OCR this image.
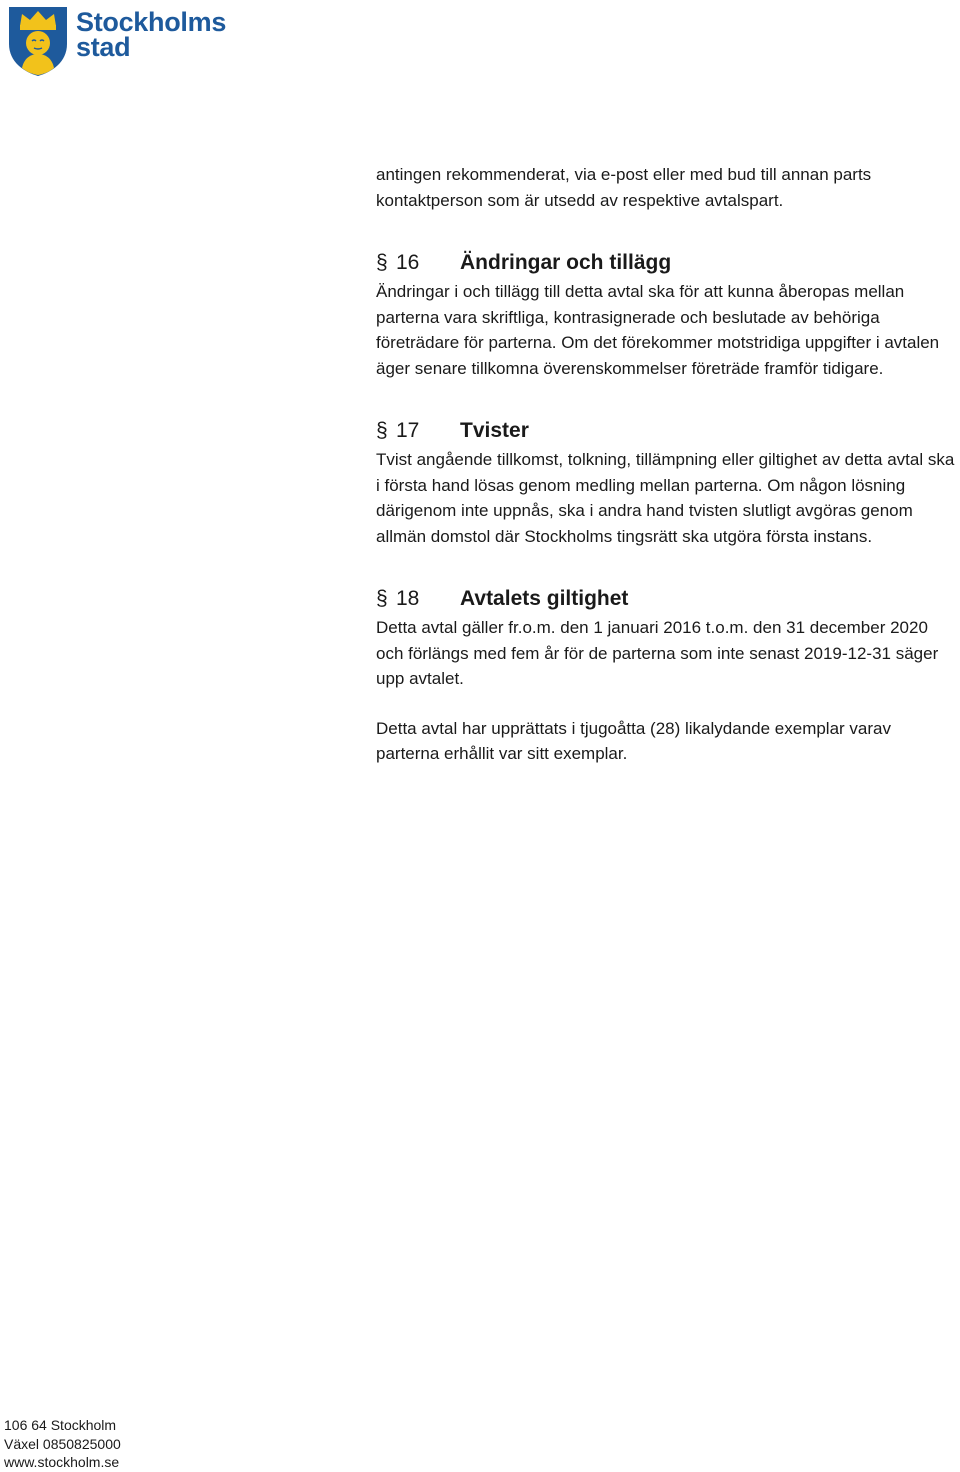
Stockholms
stad

antingen rekommenderat, via e-post eller med bud till annan parts kontaktperson som är utsedd av respektive avtalspart.

§ 16	Ändringar och tillägg

Ändringar i och tillägg till detta avtal ska för att kunna åberopas mellan parterna vara skriftliga, kontrasignerade och beslutade av behöriga företrädare för parterna. Om det förekommer motstridiga uppgifter i avtalen äger senare tillkomna överenskommelser företräde framför tidigare.

§ 17	Tvister

Tvist angående tillkomst, tolkning, tillämpning eller giltighet av detta avtal ska i första hand lösas genom medling mellan parterna. Om någon lösning därigenom inte uppnås, ska i andra hand tvisten slutligt avgöras genom allmän domstol där Stockholms tingsrätt ska utgöra första instans.

§ 18	Avtalets giltighet

Detta avtal gäller fr.o.m. den 1 januari 2016 t.o.m. den 31 december 2020 och förlängs med fem år för de parterna som inte senast 2019-12-31 säger upp avtalet.

Detta avtal har upprättats i tjugoåtta (28) likalydande exemplar varav parterna erhållit var sitt exemplar.

106 64 Stockholm
Växel 0850825000
www.stockholm.se
